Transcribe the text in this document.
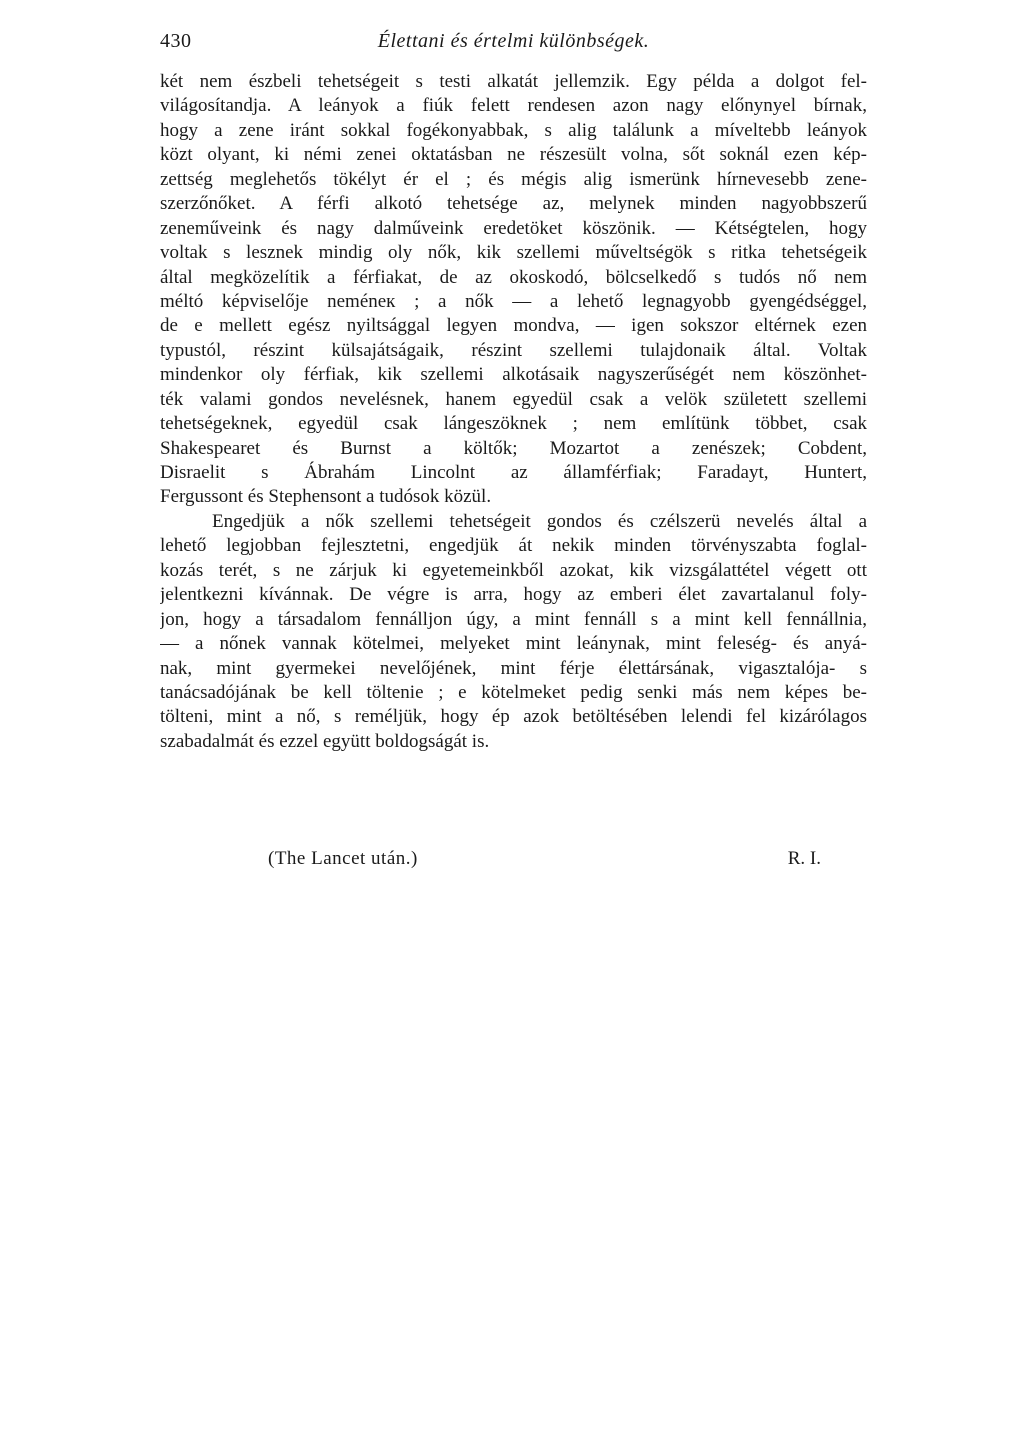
430	Élettani és értelmi különbségek.
két nem észbeli tehetségeit s testi alkatát jellemzik. Egy példa a dolgot fel-
világosítandja. A leányok a fiúk felett rendesen azon nagy előnynyel bírnak,
hogy a zene iránt sokkal fogékonyabbak, s alig találunk a míveltebb leányok
közt olyant, ki némi zenei oktatásban ne részesült volna, sőt soknál ezen kép-
zettség meglehetős tökélyt ér el ; és mégis alig ismerünk hírnevesebb zene-
szerzőnőket. A férfi alkotó tehetsége az, melynek minden nagyobbszerű
zeneműveink és nagy dalműveink eredetöket köszönik. — Kétségtelen, hogy
voltak s lesznek mindig oly nők, kik szellemi műveltségök s ritka tehetségeik
által megközelítik a férfiakat, de az okoskodó, bölcselkedő s tudós nő nem
méltó képviselője neméneк ; a nők — a lehető legnagyobb gyengédséggel,
de e mellett egész nyiltsággal legyen mondva, — igen sokszor eltérnek ezen
typustól, részint külsajátságaik, részint szellemi tulajdonaik által. Voltak
mindenkor oly férfiak, kik szellemi alkotásaik nagyszerűségét nem köszönhet-
ték valami gondos nevelésnek, hanem egyedül csak a velök született szellemi
tehetségeknek, egyedül csak lángeszöknek ; nem említünk többet, csak
Shakespearet és Burnst a költők; Mozartot a zenészek; Cobdent,
Disraelit s Ábrahám Lincolnt az államférfiak; Faradayt, Huntert,
Fergussont és Stephensont a tudósok közül.
Engedjük a nők szellemi tehetségeit gondos és czélszerü nevelés által a
lehető legjobban fejlesztetni, engedjük át nekik minden törvényszabta foglal-
kozás terét, s ne zárjuk ki egyetemeinkből azokat, kik vizsgálattétel végett ott
jelentkezni kívánnak. De végre is arra, hogy az emberi élet zavartalanul foly-
jon, hogy a társadalom fennálljon úgy, a mint fennáll s a mint kell fennállnia,
— a nőnek vannak kötelmei, melyeket mint leánynak, mint feleség- és anyá-
nak, mint gyermekei nevelőjének, mint férje élettársának, vigasztalója- s
tanácsadójának be kell töltenie ; e kötelmeket pedig senki más nem képes be-
tölteni, mint a nő, s reméljük, hogy ép azok betöltésében lelendi fel kizárólagos
szabadalmát és ezzel együtt boldogságát is.
(The Lancet után.)	R. I.
